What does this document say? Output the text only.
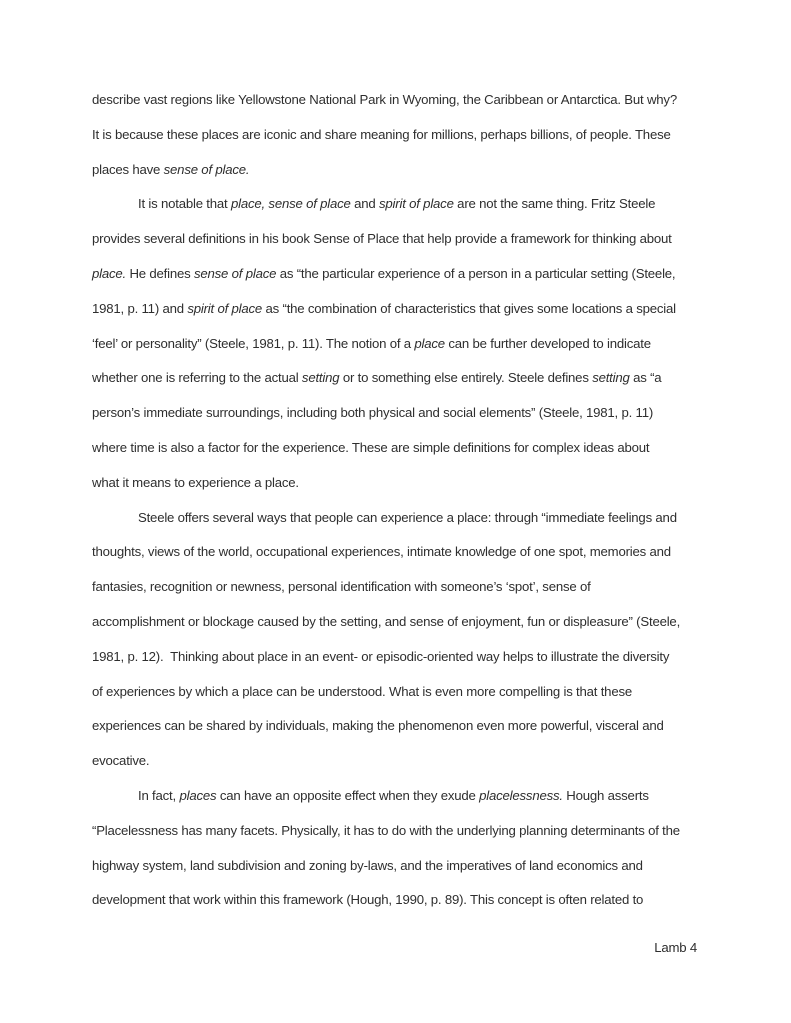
describe vast regions like Yellowstone National Park in Wyoming, the Caribbean or Antarctica. But why?
It is because these places are iconic and share meaning for millions, perhaps billions, of people. These
places have sense of place.
It is notable that place, sense of place and spirit of place are not the same thing. Fritz Steele
provides several definitions in his book Sense of Place that help provide a framework for thinking about
place. He defines sense of place as “the particular experience of a person in a particular setting (Steele,
1981, p. 11) and spirit of place as “the combination of characteristics that gives some locations a special
‘feel’ or personality” (Steele, 1981, p. 11). The notion of a place can be further developed to indicate
whether one is referring to the actual setting or to something else entirely. Steele defines setting as “a
person’s immediate surroundings, including both physical and social elements” (Steele, 1981, p. 11)
where time is also a factor for the experience. These are simple definitions for complex ideas about
what it means to experience a place.
Steele offers several ways that people can experience a place: through “immediate feelings and
thoughts, views of the world, occupational experiences, intimate knowledge of one spot, memories and
fantasies, recognition or newness, personal identification with someone’s ‘spot’, sense of
accomplishment or blockage caused by the setting, and sense of enjoyment, fun or displeasure” (Steele,
1981, p. 12).  Thinking about place in an event- or episodic-oriented way helps to illustrate the diversity
of experiences by which a place can be understood. What is even more compelling is that these
experiences can be shared by individuals, making the phenomenon even more powerful, visceral and
evocative.
In fact, places can have an opposite effect when they exude placelessness. Hough asserts
“Placelessness has many facets. Physically, it has to do with the underlying planning determinants of the
highway system, land subdivision and zoning by-laws, and the imperatives of land economics and
development that work within this framework (Hough, 1990, p. 89). This concept is often related to
Lamb 4
